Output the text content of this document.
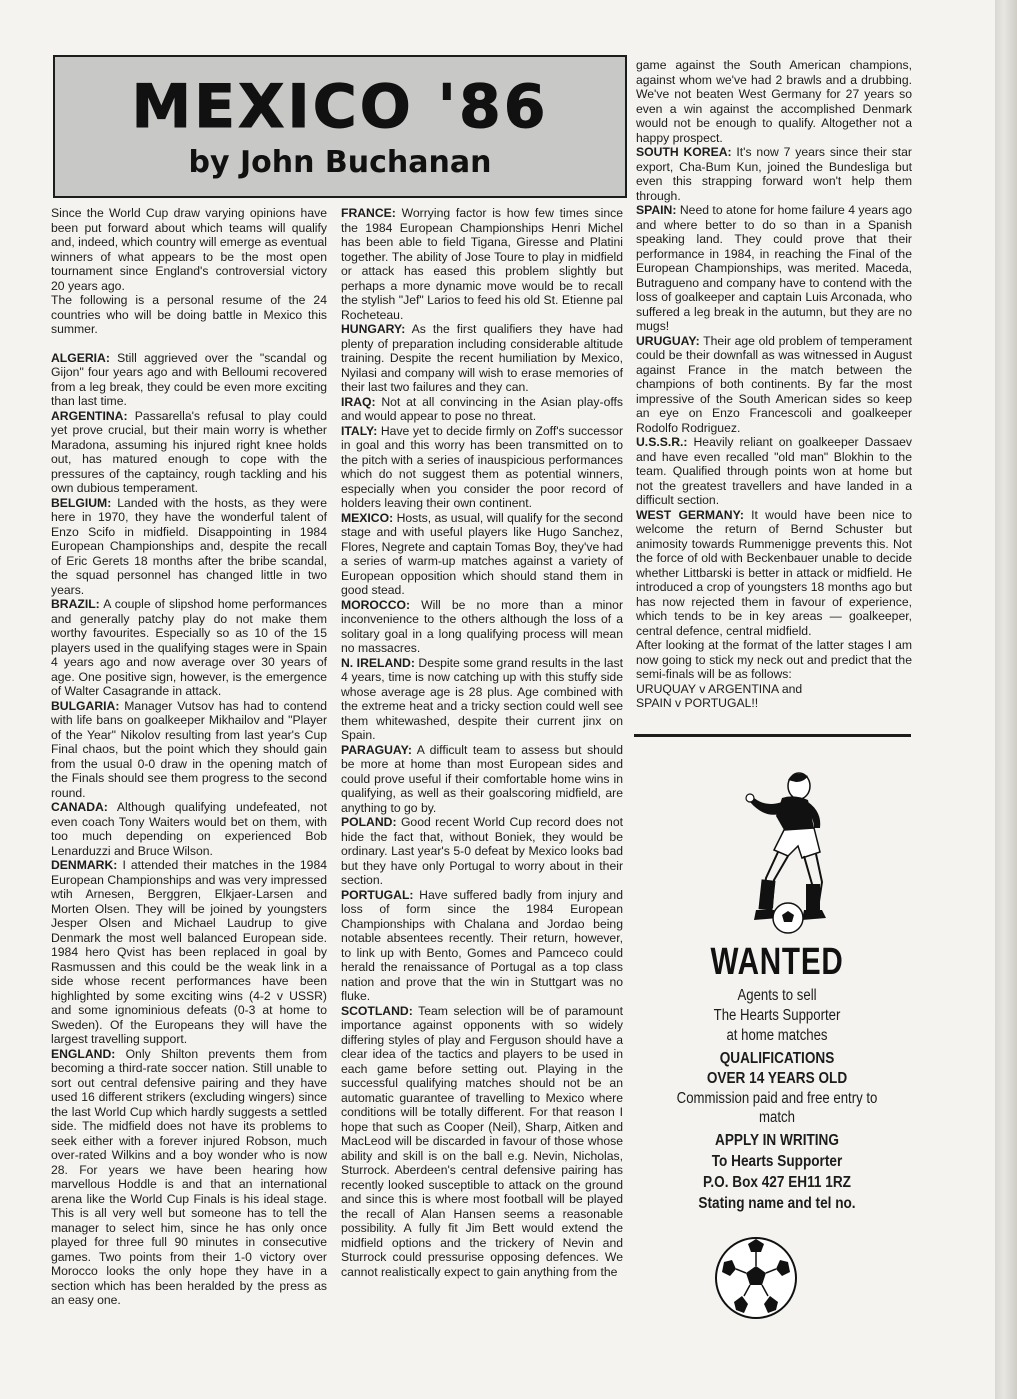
MEXICO '86
by John Buchanan

Since the World Cup draw varying opinions have been put forward about which teams will qualify and, indeed, which country will emerge as eventual winners of what appears to be the most open tournament since England's controversial victory 20 years ago.

The following is a personal resume of the 24 countries who will be doing battle in Mexico this summer.

ALGERIA: Still aggrieved over the "scandal og Gijon" four years ago and with Belloumi recovered from a leg break, they could be even more exciting than last time.

ARGENTINA: Passarella's refusal to play could yet prove crucial, but their main worry is whether Maradona, assuming his injured right knee holds out, has matured enough to cope with the pressures of the captaincy, rough tackling and his own dubious temperament.

BELGIUM: Landed with the hosts, as they were here in 1970, they have the wonderful talent of Enzo Scifo in midfield. Disappointing in 1984 European Championships and, despite the recall of Eric Gerets 18 months after the bribe scandal, the squad personnel has changed little in two years.

BRAZIL: A couple of slipshod home performances and generally patchy play do not make them worthy favourites. Especially so as 10 of the 15 players used in the qualifying stages were in Spain 4 years ago and now average over 30 years of age. One positive sign, however, is the emergence of Walter Casagrande in attack.

BULGARIA: Manager Vutsov has had to contend with life bans on goalkeeper Mikhailov and "Player of the Year" Nikolov resulting from last year's Cup Final chaos, but the point which they should gain from the usual 0-0 draw in the opening match of the Finals should see them progress to the second round.

CANADA: Although qualifying undefeated, not even coach Tony Waiters would bet on them, with too much depending on experienced Bob Lenarduzzi and Bruce Wilson.

DENMARK: I attended their matches in the 1984 European Championships and was very impressed wtih Arnesen, Berggren, Elkjaer-Larsen and Morten Olsen. They will be joined by youngsters Jesper Olsen and Michael Laudrup to give Denmark the most well balanced European side. 1984 hero Qvist has been replaced in goal by Rasmussen and this could be the weak link in a side whose recent performances have been highlighted by some exciting wins (4-2 v USSR) and some ignominious defeats (0-3 at home to Sweden). Of the Europeans they will have the largest travelling support.

ENGLAND: Only Shilton prevents them from becoming a third-rate soccer nation. Still unable to sort out central defensive pairing and they have used 16 different strikers (excluding wingers) since the last World Cup which hardly suggests a settled side. The midfield does not have its problems to seek either with a forever injured Robson, much over-rated Wilkins and a boy wonder who is now 28. For years we have been hearing how marvellous Hoddle is and that an international arena like the World Cup Finals is his ideal stage. This is all very well but someone has to tell the manager to select him, since he has only once played for three full 90 minutes in consecutive games. Two points from their 1-0 victory over Morocco looks the only hope they have in a section which has been heralded by the press as an easy one.

FRANCE: Worrying factor is how few times since the 1984 European Championships Henri Michel has been able to field Tigana, Giresse and Platini together. The ability of Jose Toure to play in midfield or attack has eased this problem slightly but perhaps a more dynamic move would be to recall the stylish "Jef" Larios to feed his old St. Etienne pal Rocheteau.

HUNGARY: As the first qualifiers they have had plenty of preparation including considerable altitude training. Despite the recent humiliation by Mexico, Nyilasi and company will wish to erase memories of their last two failures and they can.

IRAQ: Not at all convincing in the Asian play-offs and would appear to pose no threat.

ITALY: Have yet to decide firmly on Zoff's successor in goal and this worry has been transmitted on to the pitch with a series of inauspicious performances which do not suggest them as potential winners, especially when you consider the poor record of holders leaving their own continent.

MEXICO: Hosts, as usual, will qualify for the second stage and with useful players like Hugo Sanchez, Flores, Negrete and captain Tomas Boy, they've had a series of warm-up matches against a variety of European opposition which should stand them in good stead.

MOROCCO: Will be no more than a minor inconvenience to the others although the loss of a solitary goal in a long qualifying process will mean no massacres.

N. IRELAND: Despite some grand results in the last 4 years, time is now catching up with this stuffy side whose average age is 28 plus. Age combined with the extreme heat and a tricky section could well see them whitewashed, despite their current jinx on Spain.

PARAGUAY: A difficult team to assess but should be more at home than most European sides and could prove useful if their comfortable home wins in qualifying, as well as their goalscoring midfield, are anything to go by.

POLAND: Good recent World Cup record does not hide the fact that, without Boniek, they would be ordinary. Last year's 5-0 defeat by Mexico looks bad but they have only Portugal to worry about in their section.

PORTUGAL: Have suffered badly from injury and loss of form since the 1984 European Championships with Chalana and Jordao being notable absentees recently. Their return, however, to link up with Bento, Gomes and Pamceco could herald the renaissance of Portugal as a top class nation and prove that the win in Stuttgart was no fluke.

SCOTLAND: Team selection will be of paramount importance against opponents with so widely differing styles of play and Ferguson should have a clear idea of the tactics and players to be used in each game before setting out. Playing in the successful qualifying matches should not be an automatic guarantee of travelling to Mexico where conditions will be totally different. For that reason I hope that such as Cooper (Neil), Sharp, Aitken and MacLeod will be discarded in favour of those whose ability and skill is on the ball e.g. Nevin, Nicholas, Sturrock. Aberdeen's central defensive pairing has recently looked susceptible to attack on the ground and since this is where most football will be played the recall of Alan Hansen seems a reasonable possibility. A fully fit Jim Bett would extend the midfield options and the trickery of Nevin and Sturrock could pressurise opposing defences. We cannot realistically expect to gain anything from the

game against the South American champions, against whom we've had 2 brawls and a drubbing. We've not beaten West Germany for 27 years so even a win against the accomplished Denmark would not be enough to qualify. Altogether not a happy prospect.

SOUTH KOREA: It's now 7 years since their star export, Cha-Bum Kun, joined the Bundesliga but even this strapping forward won't help them through.

SPAIN: Need to atone for home failure 4 years ago and where better to do so than in a Spanish speaking land. They could prove that their performance in 1984, in reaching the Final of the European Championships, was merited. Maceda, Butragueno and company have to contend with the loss of goalkeeper and captain Luis Arconada, who suffered a leg break in the autumn, but they are no mugs!

URUGUAY: Their age old problem of temperament could be their downfall as was witnessed in August against France in the match between the champions of both continents. By far the most impressive of the South American sides so keep an eye on Enzo Francescoli and goalkeeper Rodolfo Rodriguez.

U.S.S.R.: Heavily reliant on goalkeeper Dassaev and have even recalled "old man" Blokhin to the team. Qualified through points won at home but not the greatest travellers and have landed in a difficult section.

WEST GERMANY: It would have been nice to welcome the return of Bernd Schuster but animosity towards Rummenigge prevents this. Not the force of old with Beckenbauer unable to decide whether Littbarski is better in attack or midfield. He introduced a crop of youngsters 18 months ago but has now rejected them in favour of experience, which tends to be in key areas — goalkeeper, central defence, central midfield.

After looking at the format of the latter stages I am now going to stick my neck out and predict that the semi-finals will be as follows:

URUQUAY v ARGENTINA and

SPAIN v PORTUGAL!!

WANTED
Agents to sell
The Hearts Supporter
at home matches
QUALIFICATIONS
OVER 14 YEARS OLD
Commission paid and free entry to
match
APPLY IN WRITING
To Hearts Supporter
P.O. Box 427 EH11 1RZ
Stating name and tel no.
